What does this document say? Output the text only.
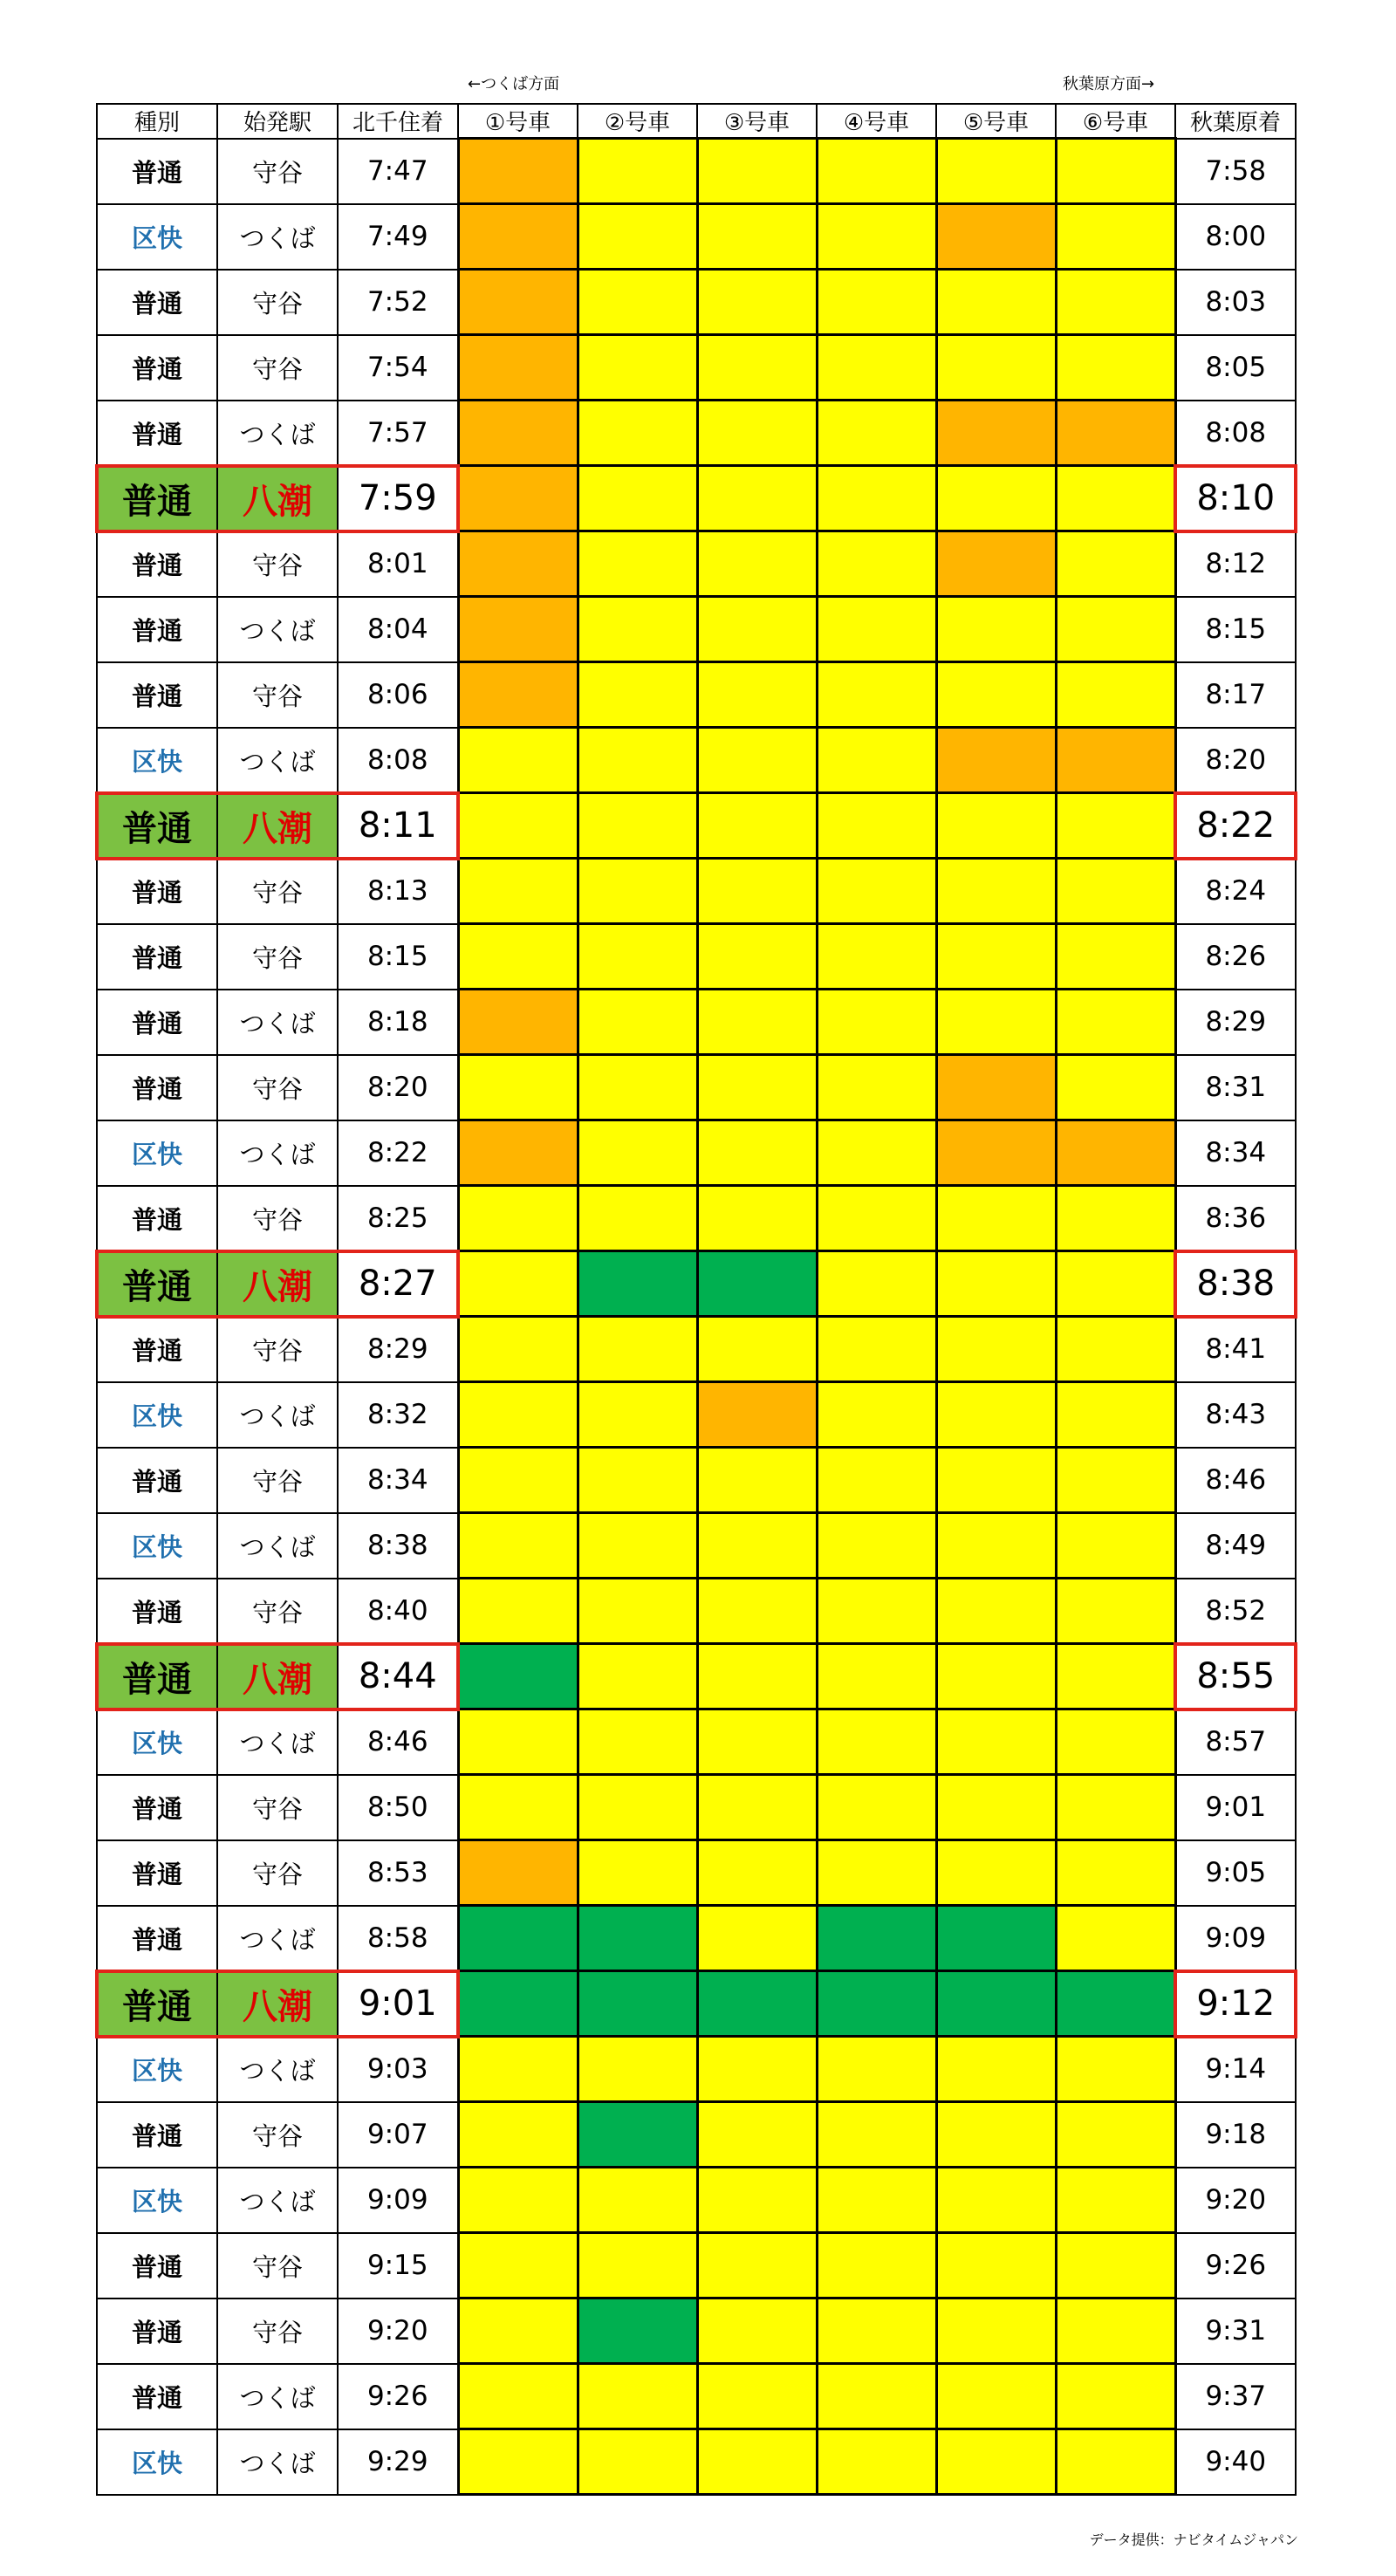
←つくば方面	秋葉原方面→
種別	始発駅	北千住着	①号車	②号車	③号車	④号車	⑤号車	⑥号車	秋葉原着
普通	守谷	7:47							7:58
区快	つくば	7:49							8:00
普通	守谷	7:52							8:03
普通	守谷	7:54							8:05
普通	つくば	7:57							8:08
普通	八潮	7:59							8:10
普通	守谷	8:01							8:12
普通	つくば	8:04							8:15
普通	守谷	8:06							8:17
区快	つくば	8:08							8:20
普通	八潮	8:11							8:22
普通	守谷	8:13							8:24
普通	守谷	8:15							8:26
普通	つくば	8:18							8:29
普通	守谷	8:20							8:31
区快	つくば	8:22							8:34
普通	守谷	8:25							8:36
普通	八潮	8:27							8:38
普通	守谷	8:29							8:41
区快	つくば	8:32							8:43
普通	守谷	8:34							8:46
区快	つくば	8:38							8:49
普通	守谷	8:40							8:52
普通	八潮	8:44							8:55
区快	つくば	8:46							8:57
普通	守谷	8:50							9:01
普通	守谷	8:53							9:05
普通	つくば	8:58							9:09
普通	八潮	9:01							9:12
区快	つくば	9:03							9:14
普通	守谷	9:07							9:18
区快	つくば	9:09							9:20
普通	守谷	9:15							9:26
普通	守谷	9:20							9:31
普通	つくば	9:26							9:37
区快	つくば	9:29							9:40
データ提供：ナビタイムジャパン
